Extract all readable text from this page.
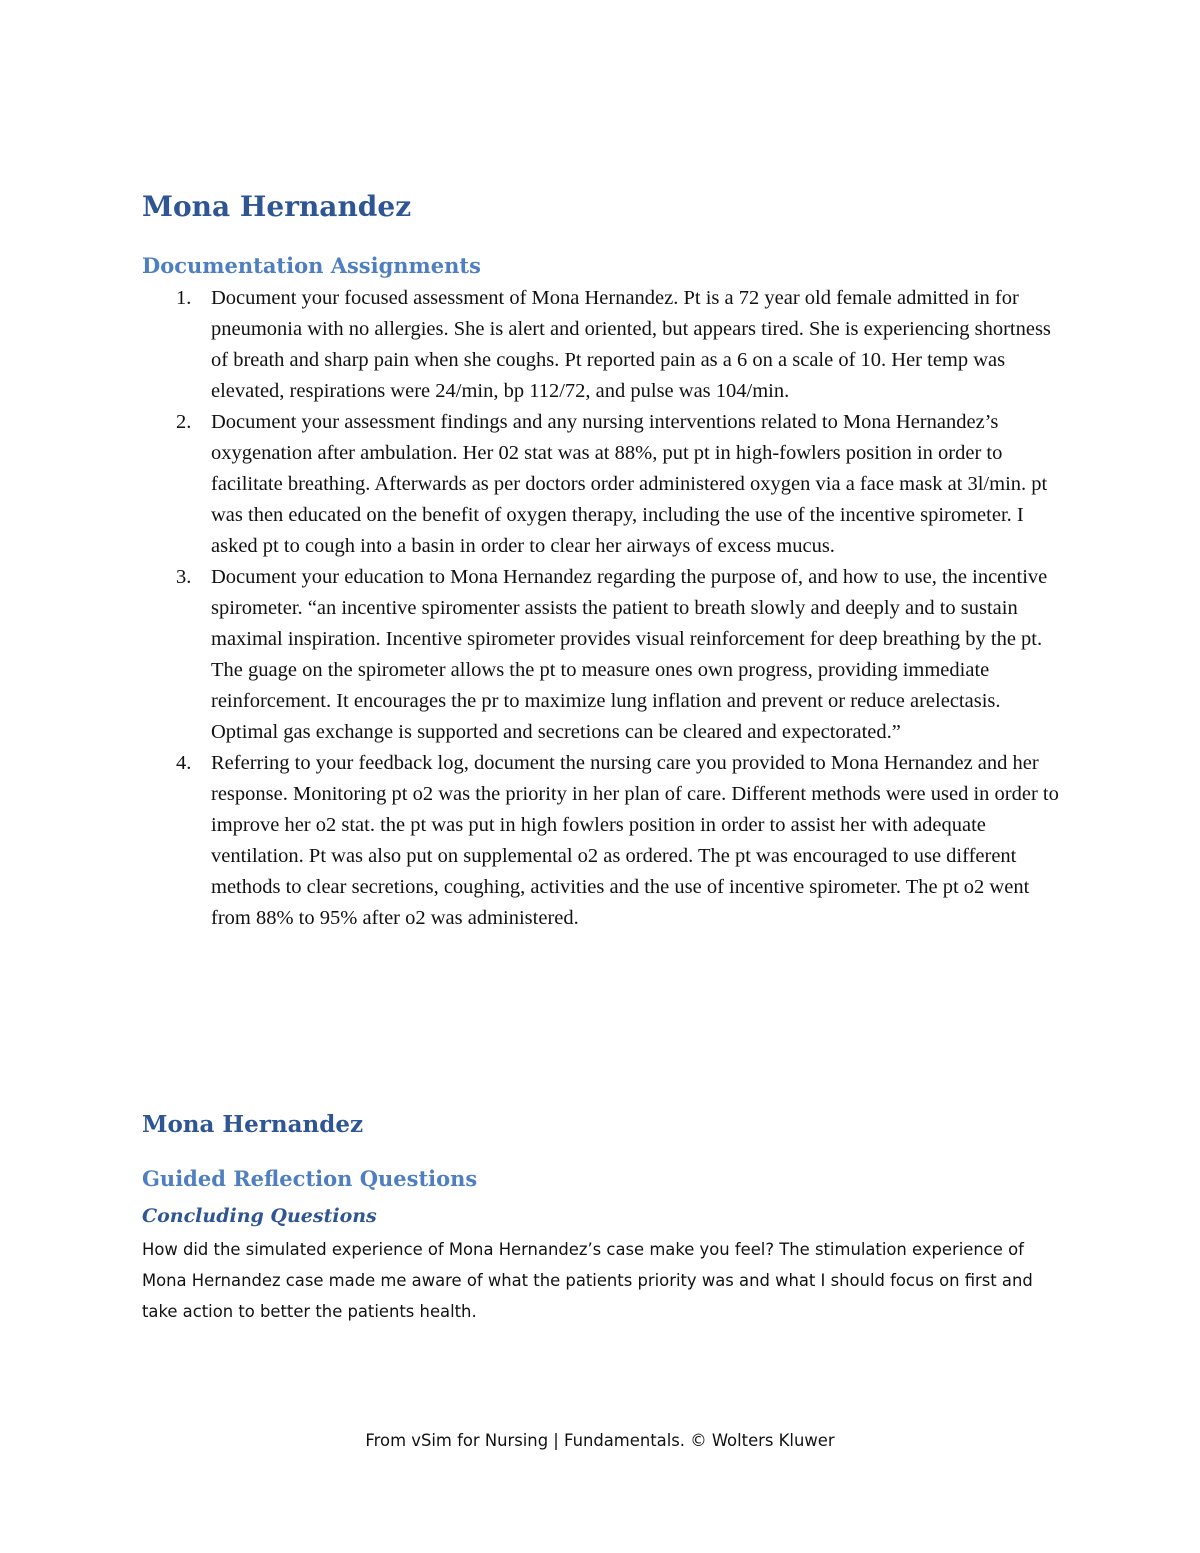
Mona Hernandez
Documentation Assignments
1. Document your focused assessment of Mona Hernandez. Pt is a 72 year old female admitted in for pneumonia with no allergies. She is alert and oriented, but appears tired. She is experiencing shortness of breath and sharp pain when she coughs. Pt reported pain as a 6 on a scale of 10. Her temp was elevated, respirations were 24/min, bp 112/72, and pulse was 104/min.
2. Document your assessment findings and any nursing interventions related to Mona Hernandez’s oxygenation after ambulation. Her 02 stat was at 88%, put pt in high-fowlers position in order to facilitate breathing. Afterwards as per doctors order administered oxygen via a face mask at 3l/min. pt was then educated on the benefit of oxygen therapy, including the use of the incentive spirometer. I asked pt to cough into a basin in order to clear her airways of excess mucus.
3. Document your education to Mona Hernandez regarding the purpose of, and how to use, the incentive spirometer. “an incentive spiromenter assists the patient to breath slowly and deeply and to sustain maximal inspiration. Incentive spirometer provides visual reinforcement for deep breathing by the pt. The guage on the spirometer allows the pt to measure ones own progress, providing immediate reinforcement. It encourages the pr to maximize lung inflation and prevent or reduce arelectasis. Optimal gas exchange is supported and secretions can be cleared and expectorated.”
4. Referring to your feedback log, document the nursing care you provided to Mona Hernandez and her response. Monitoring pt o2 was the priority in her plan of care. Different methods were used in order to improve her o2 stat. the pt was put in high fowlers position in order to assist her with adequate ventilation. Pt was also put on supplemental o2 as ordered. The pt was encouraged to use different methods to clear secretions, coughing, activities and the use of incentive spirometer. The pt o2 went from 88% to 95% after o2 was administered.
Mona Hernandez
Guided Reflection Questions
Concluding Questions

How did the simulated experience of Mona Hernandez’s case make you feel? The stimulation experience of Mona Hernandez case made me aware of what the patients priority was and what I should focus on first and take action to better the patients health.

From vSim for Nursing | Fundamentals. © Wolters Kluwer
